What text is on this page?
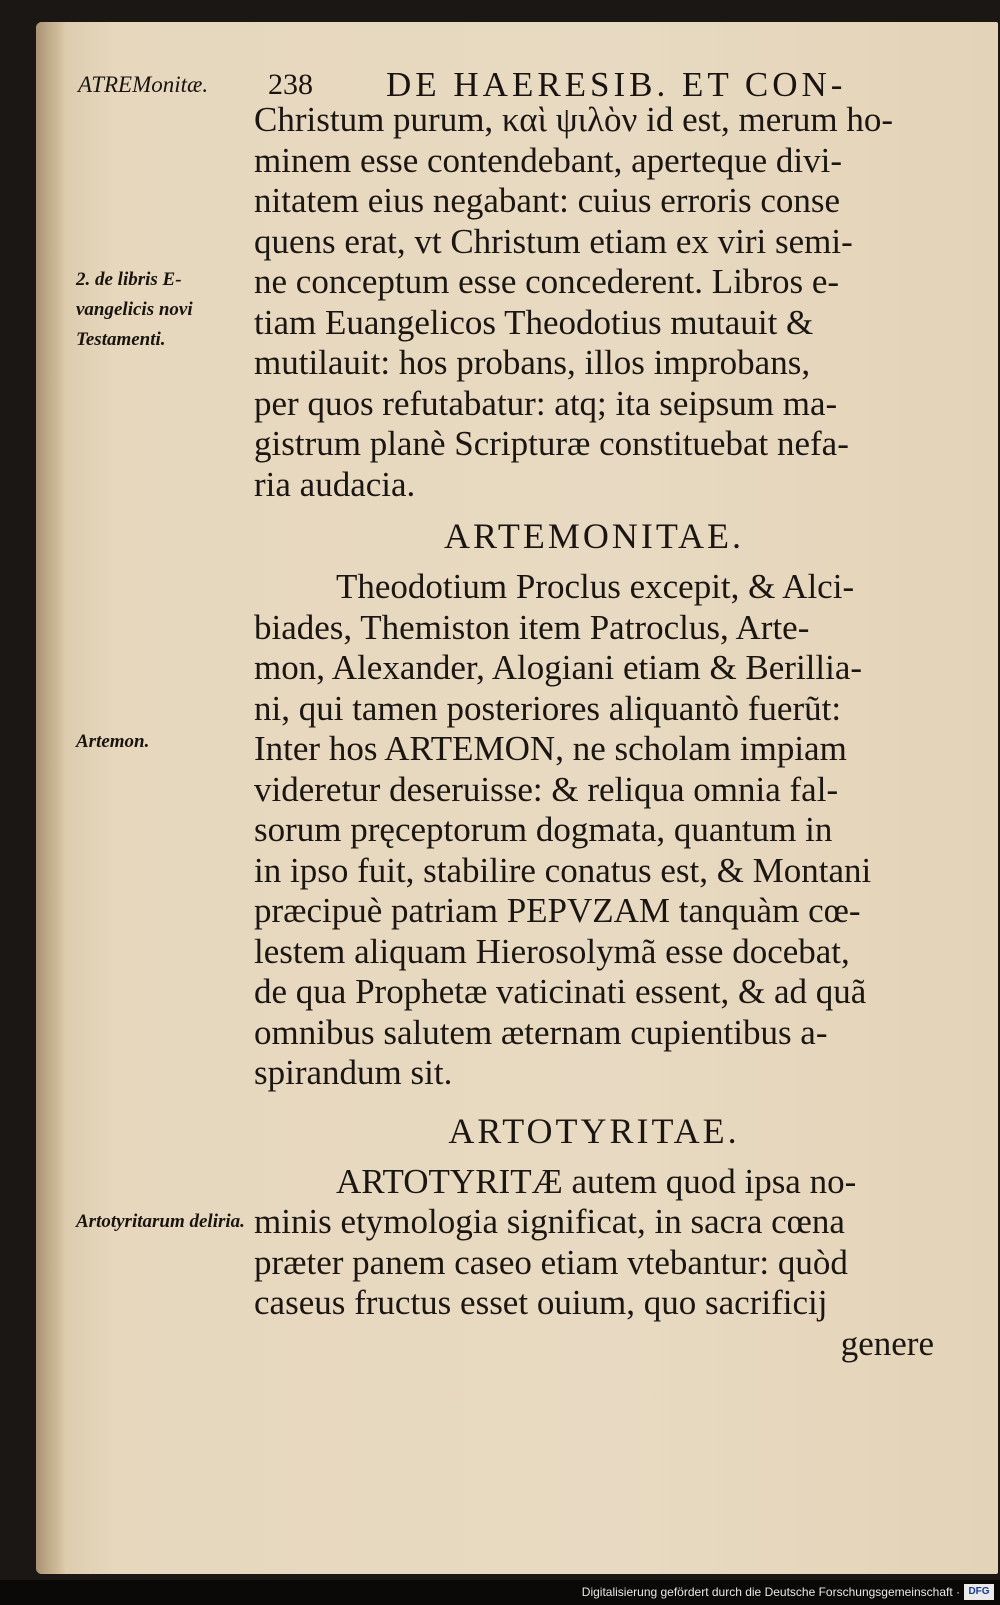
ATREMonitæ. 238 DE HAERESIB. ET CON-
2. de libris E-vangelicis novi Testamenti.
Artemon.
Artotyritarum deliria.
Christum purum, καὶ ψιλὸν id est, merum ho-
minem esse contendebant, aperteque divi-
nitatem eius negabant: cuius erroris conse
quens erat, vt Christum etiam ex viri semi-
ne conceptum esse concederent. Libros e-
tiam Euangelicos Theodotius mutauit &
mutilauit: hos probans, illos improbans,
per quos refutabatur: atq; ita seipsum ma-
gistrum planè Scripturæ constituebat nefa-
ria audacia.
ARTEMONITAE.
Theodotium Proclus excepit, & Alci-
biades, Themiston item Patroclus, Arte-
mon, Alexander, Alogiani etiam & Berillia-
ni, qui tamen posteriores aliquantò fuerũt:
Inter hos ARTEMON, ne scholam impiam
videretur deseruisse: & reliqua omnia fal-
sorum pręceptorum dogmata, quantum in
in ipso fuit, stabilire conatus est, & Montani
præcipuè patriam PEPVZAM tanquàm cœ-
lestem aliquam Hierosolymã esse docebat,
de qua Prophetæ vaticinati essent, & ad quã
omnibus salutem æternam cupientibus a-
spirandum sit.
ARTOTYRITAE.
ARTOTYRITÆ autem quod ipsa no-
minis etymologia significat, in sacra cœna
præter panem caseo etiam vtebantur: quòd
caseus fructus esset ouium, quo sacrificij
genere
Digitalisierung gefördert durch die Deutsche Forschungsgemeinschaft · DFG
